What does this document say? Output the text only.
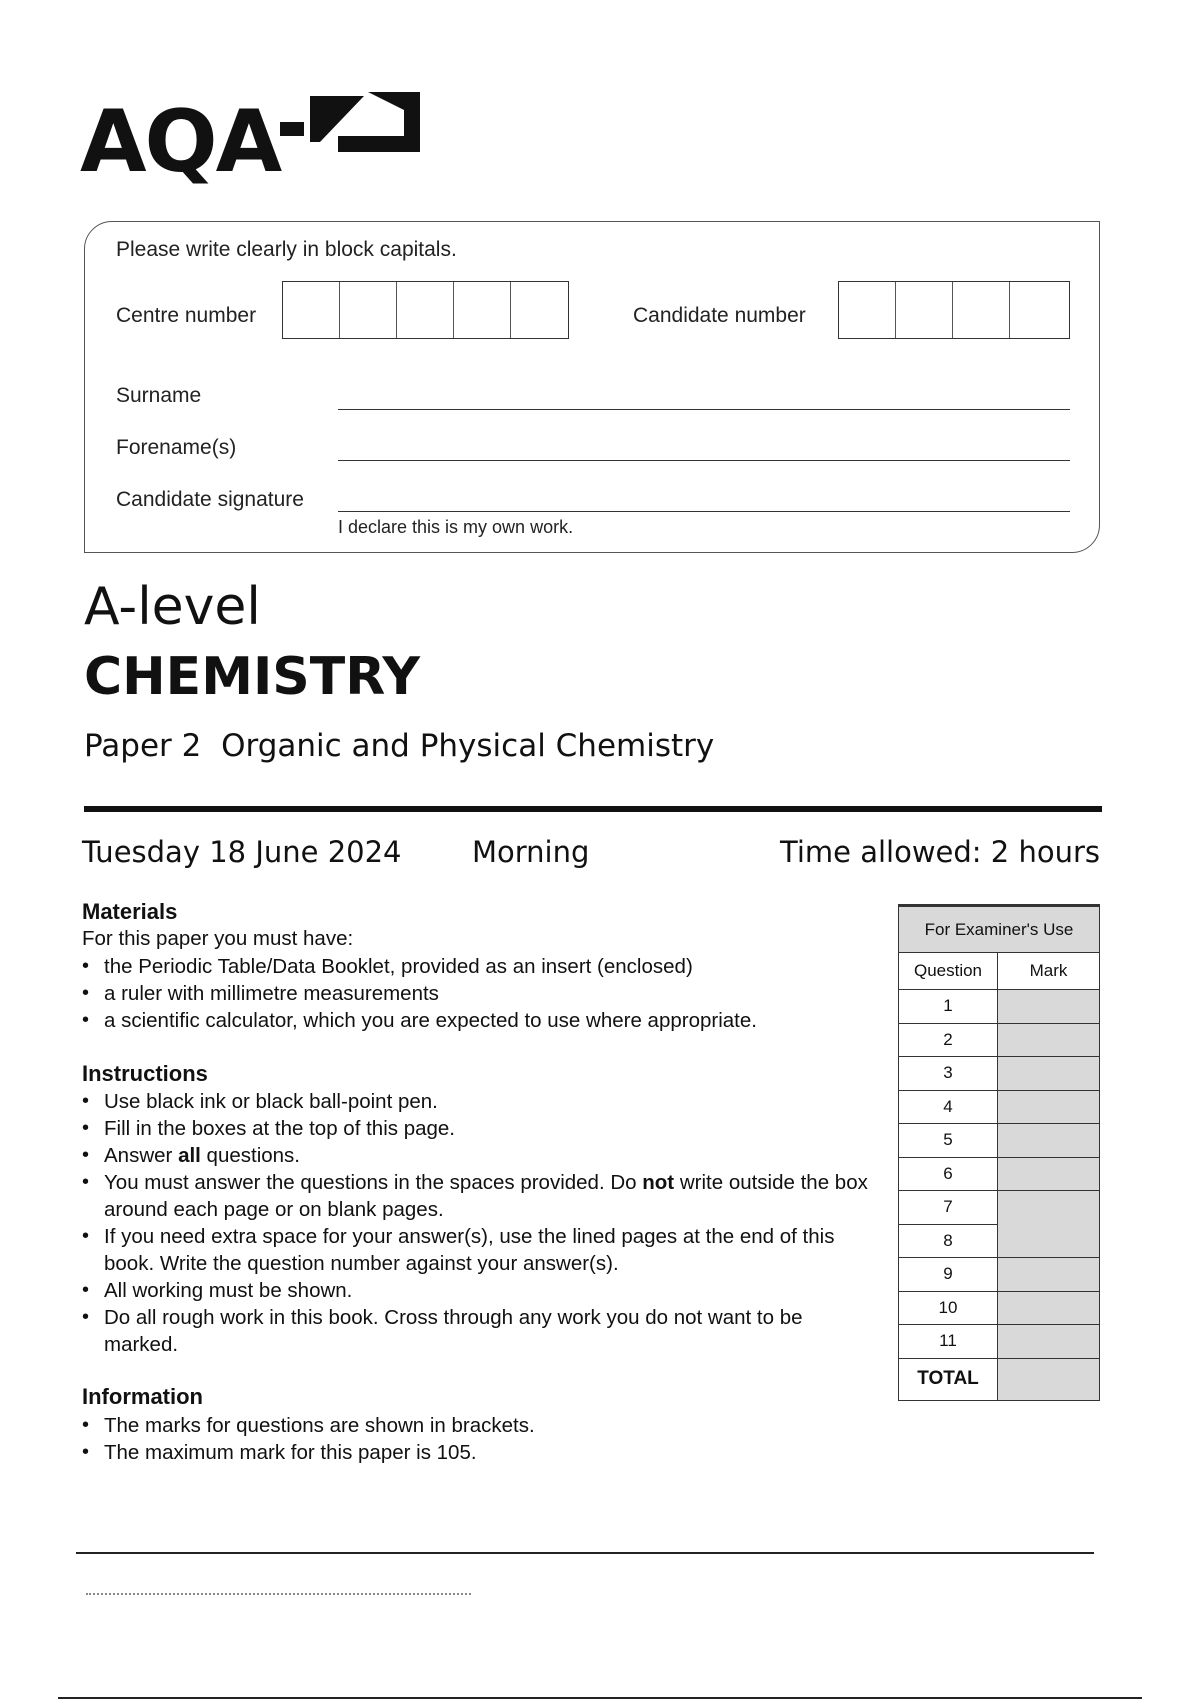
AQA
Please write clearly in block capitals.
Centre number	Candidate number
Surname
Forename(s)
Candidate signature
I declare this is my own work.
A-level
CHEMISTRY
Paper 2 Organic and Physical Chemistry
Tuesday 18 June 2024 Morning	Time allowed: 2 hours
Materials
For this paper you must have:
• the Periodic Table/Data Booklet, provided as an insert (enclosed)
• a ruler with millimetre measurements
• a scientific calculator, which you are expected to use where appropriate.
Instructions
• Use black ink or black ball-point pen.
• Fill in the boxes at the top of this page.
• Answer all questions.
• You must answer the questions in the spaces provided. Do not write outside the box around each page or on blank pages.
• If you need extra space for your answer(s), use the lined pages at the end of this book. Write the question number against your answer(s).
• All working must be shown.
• Do all rough work in this book. Cross through any work you do not want to be marked.
Information
• The marks for questions are shown in brackets.
• The maximum mark for this paper is 105.
For Examiner's Use	
Question	Mark
1	
2	
3	
4	
5	
6	
7	
8	
9	
10	
11	
TOTAL	
